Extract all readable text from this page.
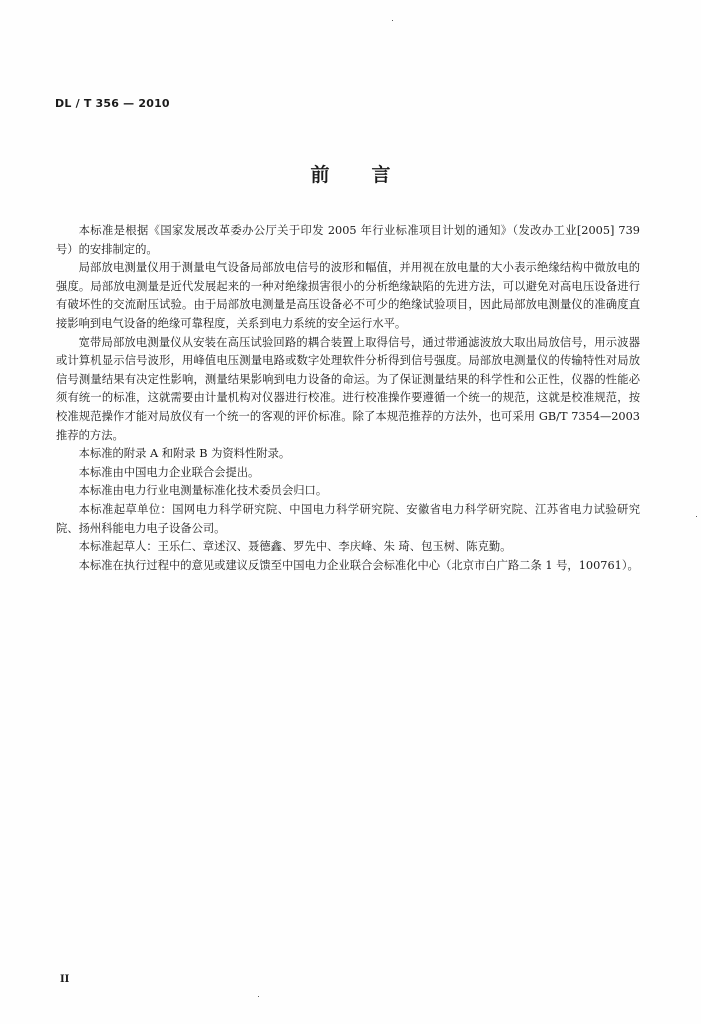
DL / T 356 — 2010
前言

本标准是根据《国家发展改革委办公厅关于印发 2005 年行业标准项目计划的通知》（发改办工业[2005] 739 号）的安排制定的。

局部放电测量仪用于测量电气设备局部放电信号的波形和幅值，并用视在放电量的大小表示绝缘结构中微放电的强度。局部放电测量是近代发展起来的一种对绝缘损害很小的分析绝缘缺陷的先进方法，可以避免对高电压设备进行有破坏性的交流耐压试验。由于局部放电测量是高压设备必不可少的绝缘试验项目，因此局部放电测量仪的准确度直接影响到电气设备的绝缘可靠程度，关系到电力系统的安全运行水平。

宽带局部放电测量仪从安装在高压试验回路的耦合装置上取得信号，通过带通滤波放大取出局放信号，用示波器或计算机显示信号波形，用峰值电压测量电路或数字处理软件分析得到信号强度。局部放电测量仪的传输特性对局放信号测量结果有决定性影响，测量结果影响到电力设备的命运。为了保证测量结果的科学性和公正性，仪器的性能必须有统一的标准，这就需要由计量机构对仪器进行校准。进行校准操作要遵循一个统一的规范，这就是校准规范，按校准规范操作才能对局放仪有一个统一的客观的评价标准。除了本规范推荐的方法外，也可采用 GB/T 7354—2003 推荐的方法。

本标准的附录 A 和附录 B 为资料性附录。

本标准由中国电力企业联合会提出。

本标准由电力行业电测量标准化技术委员会归口。

本标准起草单位：国网电力科学研究院、中国电力科学研究院、安徽省电力科学研究院、江苏省电力试验研究院、扬州科能电力电子设备公司。

本标准起草人：王乐仁、章述汉、聂德鑫、罗先中、李庆峰、朱 琦、包玉树、陈克勤。

本标准在执行过程中的意见或建议反馈至中国电力企业联合会标准化中心（北京市白广路二条 1 号，100761）。

II
